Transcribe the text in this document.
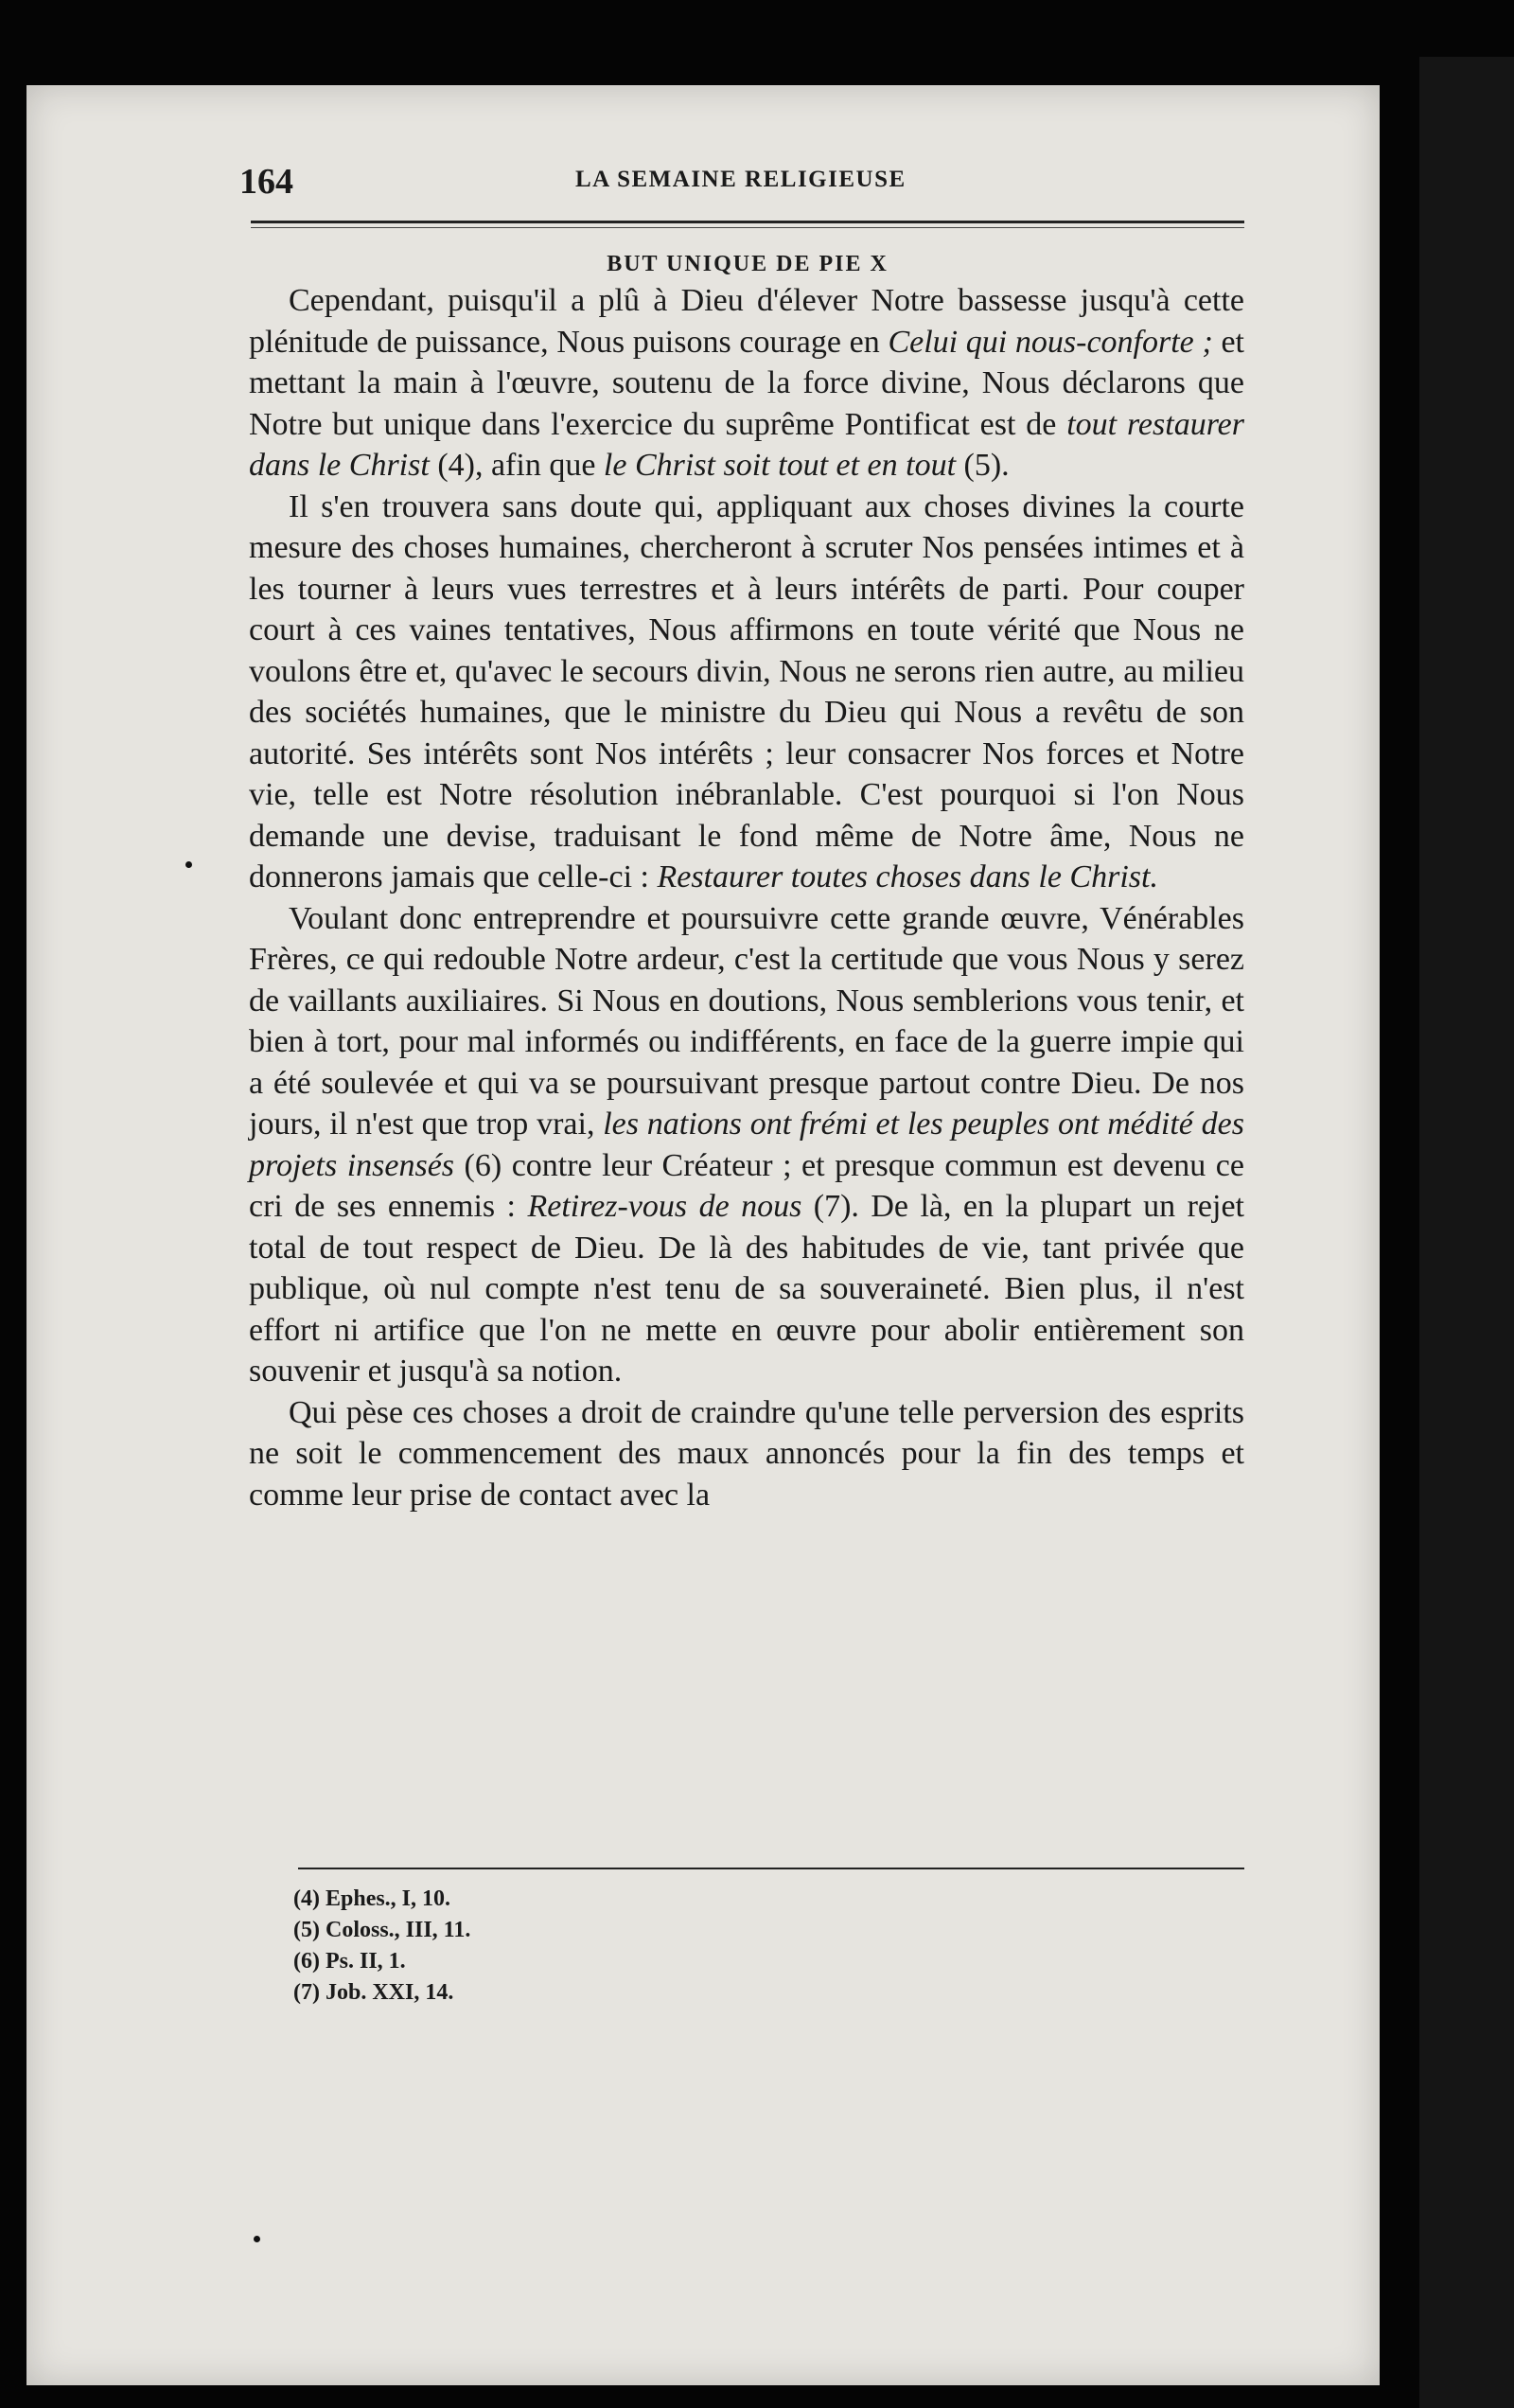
164	LA SEMAINE RELIGIEUSE
BUT UNIQUE DE PIE X

Cependant, puisqu'il a plû à Dieu d'élever Notre bassesse jusqu'à cette plénitude de puissance, Nous puisons courage en Celui qui nous-conforte ; et mettant la main à l'œuvre, soutenu de la force divine, Nous déclarons que Notre but unique dans l'exercice du suprême Pontificat est de tout restaurer dans le Christ (4), afin que le Christ soit tout et en tout (5).

Il s'en trouvera sans doute qui, appliquant aux choses divines la courte mesure des choses humaines, chercheront à scruter Nos pensées intimes et à les tourner à leurs vues terrestres et à leurs intérêts de parti. Pour couper court à ces vaines tentatives, Nous affirmons en toute vérité que Nous ne voulons être et, qu'avec le secours divin, Nous ne serons rien autre, au milieu des sociétés humaines, que le ministre du Dieu qui Nous a revêtu de son autorité. Ses intérêts sont Nos intérêts ; leur consacrer Nos forces et Notre vie, telle est Notre résolution inébranlable. C'est pourquoi si l'on Nous demande une devise, traduisant le fond même de Notre âme, Nous ne donnerons jamais que celle-ci : Restaurer toutes choses dans le Christ.

Voulant donc entreprendre et poursuivre cette grande œuvre, Vénérables Frères, ce qui redouble Notre ardeur, c'est la certitude que vous Nous y serez de vaillants auxiliaires. Si Nous en doutions, Nous semblerions vous tenir, et bien à tort, pour mal informés ou indifférents, en face de la guerre impie qui a été soulevée et qui va se poursuivant presque partout contre Dieu. De nos jours, il n'est que trop vrai, les nations ont frémi et les peuples ont médité des projets insensés (6) contre leur Créateur ; et presque commun est devenu ce cri de ses ennemis : Retirez-vous de nous (7). De là, en la plupart un rejet total de tout respect de Dieu. De là des habitudes de vie, tant privée que publique, où nul compte n'est tenu de sa souveraineté. Bien plus, il n'est effort ni artifice que l'on ne mette en œuvre pour abolir entièrement son souvenir et jusqu'à sa notion.

Qui pèse ces choses a droit de craindre qu'une telle perversion des esprits ne soit le commencement des maux annoncés pour la fin des temps et comme leur prise de contact avec la

(4) Ephes., I, 10.
(5) Coloss., III, 11.
(6) Ps. II, 1.
(7) Job. XXI, 14.
